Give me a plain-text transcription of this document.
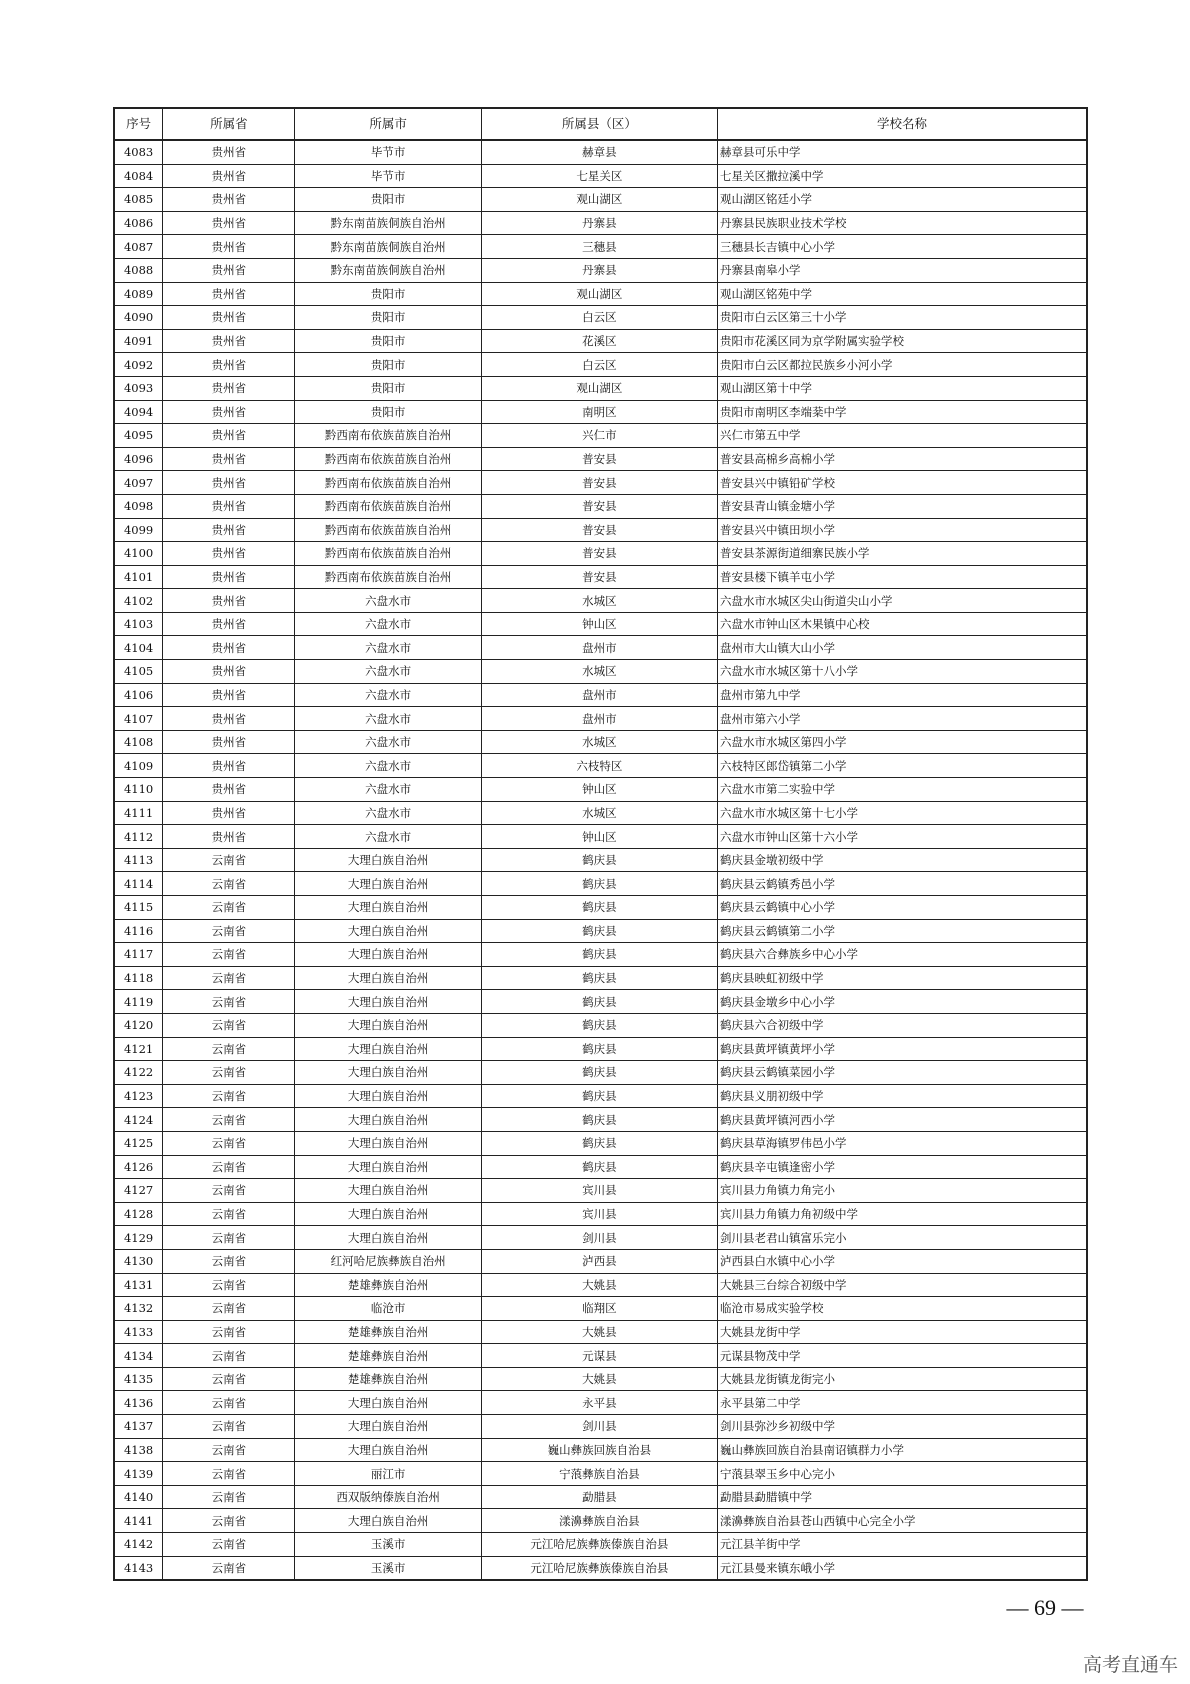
序号	所属省	所属市	所属县（区）	学校名称
4083	贵州省	毕节市	赫章县	赫章县可乐中学
4084	贵州省	毕节市	七星关区	七星关区撒拉溪中学
4085	贵州省	贵阳市	观山湖区	观山湖区铭廷小学
4086	贵州省	黔东南苗族侗族自治州	丹寨县	丹寨县民族职业技术学校
4087	贵州省	黔东南苗族侗族自治州	三穗县	三穗县长吉镇中心小学
4088	贵州省	黔东南苗族侗族自治州	丹寨县	丹寨县南皋小学
4089	贵州省	贵阳市	观山湖区	观山湖区铭苑中学
4090	贵州省	贵阳市	白云区	贵阳市白云区第三十小学
4091	贵州省	贵阳市	花溪区	贵阳市花溪区同为京学附属实验学校
4092	贵州省	贵阳市	白云区	贵阳市白云区都拉民族乡小河小学
4093	贵州省	贵阳市	观山湖区	观山湖区第十中学
4094	贵州省	贵阳市	南明区	贵阳市南明区李端棻中学
4095	贵州省	黔西南布依族苗族自治州	兴仁市	兴仁市第五中学
4096	贵州省	黔西南布依族苗族自治州	普安县	普安县高棉乡高棉小学
4097	贵州省	黔西南布依族苗族自治州	普安县	普安县兴中镇铅矿学校
4098	贵州省	黔西南布依族苗族自治州	普安县	普安县青山镇金塘小学
4099	贵州省	黔西南布依族苗族自治州	普安县	普安县兴中镇田坝小学
4100	贵州省	黔西南布依族苗族自治州	普安县	普安县茶源街道细寨民族小学
4101	贵州省	黔西南布依族苗族自治州	普安县	普安县楼下镇羊屯小学
4102	贵州省	六盘水市	水城区	六盘水市水城区尖山街道尖山小学
4103	贵州省	六盘水市	钟山区	六盘水市钟山区木果镇中心校
4104	贵州省	六盘水市	盘州市	盘州市大山镇大山小学
4105	贵州省	六盘水市	水城区	六盘水市水城区第十八小学
4106	贵州省	六盘水市	盘州市	盘州市第九中学
4107	贵州省	六盘水市	盘州市	盘州市第六小学
4108	贵州省	六盘水市	水城区	六盘水市水城区第四小学
4109	贵州省	六盘水市	六枝特区	六枝特区郎岱镇第二小学
4110	贵州省	六盘水市	钟山区	六盘水市第二实验中学
4111	贵州省	六盘水市	水城区	六盘水市水城区第十七小学
4112	贵州省	六盘水市	钟山区	六盘水市钟山区第十六小学
4113	云南省	大理白族自治州	鹤庆县	鹤庆县金墩初级中学
4114	云南省	大理白族自治州	鹤庆县	鹤庆县云鹤镇秀邑小学
4115	云南省	大理白族自治州	鹤庆县	鹤庆县云鹤镇中心小学
4116	云南省	大理白族自治州	鹤庆县	鹤庆县云鹤镇第二小学
4117	云南省	大理白族自治州	鹤庆县	鹤庆县六合彝族乡中心小学
4118	云南省	大理白族自治州	鹤庆县	鹤庆县映虹初级中学
4119	云南省	大理白族自治州	鹤庆县	鹤庆县金墩乡中心小学
4120	云南省	大理白族自治州	鹤庆县	鹤庆县六合初级中学
4121	云南省	大理白族自治州	鹤庆县	鹤庆县黄坪镇黄坪小学
4122	云南省	大理白族自治州	鹤庆县	鹤庆县云鹤镇菜园小学
4123	云南省	大理白族自治州	鹤庆县	鹤庆县义朋初级中学
4124	云南省	大理白族自治州	鹤庆县	鹤庆县黄坪镇河西小学
4125	云南省	大理白族自治州	鹤庆县	鹤庆县草海镇罗伟邑小学
4126	云南省	大理白族自治州	鹤庆县	鹤庆县辛屯镇逢密小学
4127	云南省	大理白族自治州	宾川县	宾川县力角镇力角完小
4128	云南省	大理白族自治州	宾川县	宾川县力角镇力角初级中学
4129	云南省	大理白族自治州	剑川县	剑川县老君山镇富乐完小
4130	云南省	红河哈尼族彝族自治州	泸西县	泸西县白水镇中心小学
4131	云南省	楚雄彝族自治州	大姚县	大姚县三台综合初级中学
4132	云南省	临沧市	临翔区	临沧市易成实验学校
4133	云南省	楚雄彝族自治州	大姚县	大姚县龙街中学
4134	云南省	楚雄彝族自治州	元谋县	元谋县物茂中学
4135	云南省	楚雄彝族自治州	大姚县	大姚县龙街镇龙街完小
4136	云南省	大理白族自治州	永平县	永平县第二中学
4137	云南省	大理白族自治州	剑川县	剑川县弥沙乡初级中学
4138	云南省	大理白族自治州	巍山彝族回族自治县	巍山彝族回族自治县南诏镇群力小学
4139	云南省	丽江市	宁蒗彝族自治县	宁蒗县翠玉乡中心完小
4140	云南省	西双版纳傣族自治州	勐腊县	勐腊县勐腊镇中学
4141	云南省	大理白族自治州	漾濞彝族自治县	漾濞彝族自治县苍山西镇中心完全小学
4142	云南省	玉溪市	元江哈尼族彝族傣族自治县	元江县羊街中学
4143	云南省	玉溪市	元江哈尼族彝族傣族自治县	元江县曼来镇东峨小学
— 69 —
高考直通车
